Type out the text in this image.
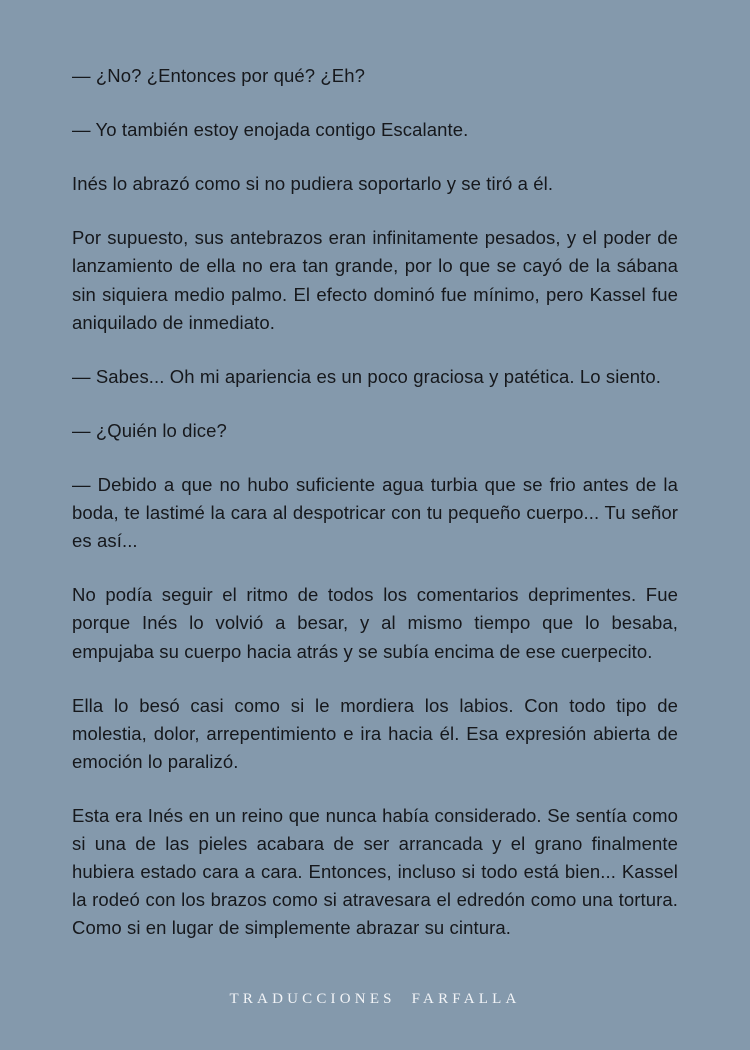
— ¿No? ¿Entonces por qué? ¿Eh?

— Yo también estoy enojada contigo Escalante.

Inés lo abrazó como si no pudiera soportarlo y se tiró a él.

Por supuesto, sus antebrazos eran infinitamente pesados, y el poder de lanzamiento de ella no era tan grande, por lo que se cayó de la sábana sin siquiera medio palmo. El efecto dominó fue mínimo, pero Kassel fue aniquilado de inmediato.

— Sabes... Oh mi apariencia es un poco graciosa y patética. Lo siento.

— ¿Quién lo dice?

— Debido a que no hubo suficiente agua turbia que se frio antes de la boda, te lastimé la cara al despotricar con tu pequeño cuerpo... Tu señor es así...

No podía seguir el ritmo de todos los comentarios deprimentes. Fue porque Inés lo volvió a besar, y al mismo tiempo que lo besaba, empujaba su cuerpo hacia atrás y se subía encima de ese cuerpecito.

Ella lo besó casi como si le mordiera los labios. Con todo tipo de molestia, dolor, arrepentimiento e ira hacia él. Esa expresión abierta de emoción lo paralizó.

Esta era Inés en un reino que nunca había considerado. Se sentía como si una de las pieles acabara de ser arrancada y el grano finalmente hubiera estado cara a cara. Entonces, incluso si todo está bien... Kassel la rodeó con los brazos como si atravesara el edredón como una tortura. Como si en lugar de simplemente abrazar su cintura.

TRADUCCIONES  FARFALLA
